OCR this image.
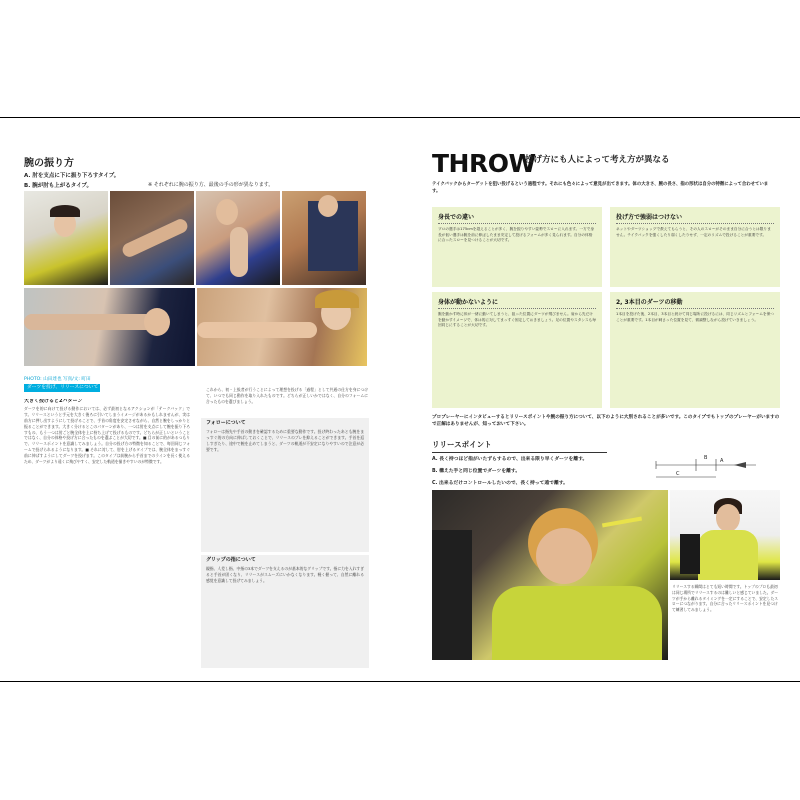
腕の振り方
A. 肘を支点に下に振り下ろすタイプ。
B. 腕が肘も上がるタイプ。	※ それぞれに腕の振り方、最後の手の形が異なります。
PHOTO: 山田達也 写真/文: 町田
ダーツを投げ、リリースについて
大きく投げると2パターン

ダーツを的に向けて投げる動作においては、必ず最初となるアクションが「テークバック」です。リリースというと手元を大きく後ろに引いてしまうイメージがあるかもしれませんが、実は前方に押し出すようにして投げることで、手首の角度を安定させながら、自然と腕をしっかりと振ることができます。大きく分けるとこのパターンがあり、一つは肘を支点にして腕を振り下ろすもの、もう一つは肘ごと腕全体を上に持ち上げて投げるものです。どちらが正しいということではなく、自分の体格や投げ方に合ったものを選ぶことが大切です。■ 目の前に的があるつもりで、リリースポイントを意識してみましょう。自分の投げ方の特徴を知ることで、毎回同じフォームで投げられるようになります。■ それに対して、肘を上げるタイプでは、腕全体をまっすぐ前に伸ばすようにしてダーツを投げます。このタイプは前腕から手首までのラインを長く使えるため、ダーツがより遠くに飛びやすく、安定した軌道を描きやすいのが特徴です。

これから、初・上級者が行うことによって理想を投げる「過程」として共通の仕方を身につけて、いつでも同じ動作を取り入れたものです。どちらが正しいかではなく、自分のフォームに合ったものを選びましょう。

フォローについて

フォローは指先や手首の動きを確認するために重要な動作です。投げ終わったあとも腕をまっすぐ的の方向に伸ばしておくことで、リリースのブレを抑えることができます。手首を返しすぎたり、途中で腕を止めてしまうと、ダーツの軌道が不安定になりやすいので注意が必要です。

グリップの指について

親指、人差し指、中指の3本でダーツを支えるのが基本的なグリップです。指に力を入れすぎると手首が固くなり、リリースがスムーズにいかなくなります。軽く握って、自然に離れる感覚を意識して投げてみましょう。

THROW
投げ方にも人によって考え方が異なる
テイクバックからターゲットを狙い投げるという過程です。それにも色々によって意見が出てきます。体の大きさ、腕の長さ、指の形状は自分の特徴によって合わせています。
身長での違い

プロの選手は175cmを超えることが多く、腕を振りやすい姿勢でスローに入れます。一方で身長が低い選手は腕を前に伸ばしたまま安定して投げるフォームが多く見られます。自分の体格に合ったスローを見つけることが大切です。

投げ方で強弱はつけない

ネットやダーツショップで教えてもらうと、その人のスローがそのまま自分に合うとは限りません。テイクバックを強くしたり弱くしたりせず、一定のリズムで投げることが重要です。

身体が動かないように

腕を動かす時に体が一緒に動いてしまうと、狙った位置にダーツが飛びません。肩から先だけを動かすイメージで、体は的に対してまっすぐ固定しておきましょう。足の位置やスタンスも毎回同じにすることが大切です。

2, 3本目のダーツの移動

1本目を投げた後、2本目、3本目と続けて同じ場所に投げるには、同じリズムとフォームを保つことが重要です。1本目が刺さった位置を見て、微調整しながら投げていきましょう。

プロプレーヤーにインタビューするとリリースポイントや腕の振り方について、以下のように大別されることが多いです。このタイプでもトップのプレーヤーがいますので正解はありませんが、知っておいて下さい。
リリースポイント
A. 長く持つほど指がいたずらするので、出来る限り早くダーツを離す。
B. 構えた手と同じ位置でダーツを離す。
C. 出来るだけコントロールしたいので、長く持って遠で離す。
C
B	A
リリースする瞬間はとても短い時間です。トップのプロも最初は同じ場所でリリースするのは難しいと感じていました。ダーツが手から離れるタイミングを一定にすることで、安定したスローにつながります。自分に合ったリリースポイントを見つけて練習してみましょう。
